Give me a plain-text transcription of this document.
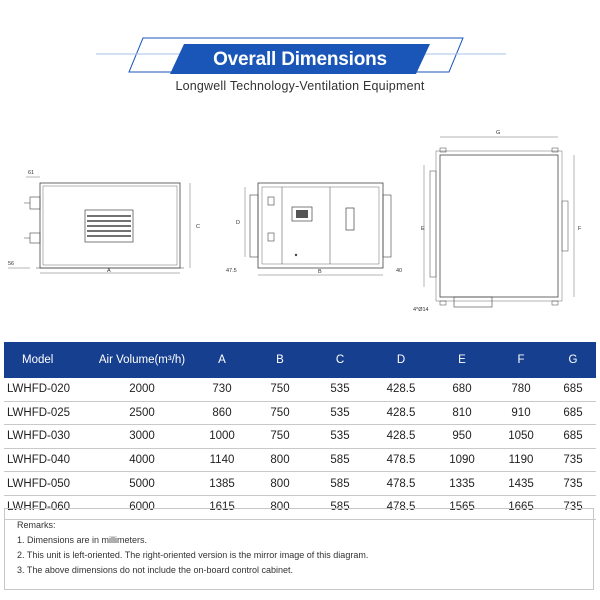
Overall Dimensions
Longwell Technology-Ventilation Equipment
61
C
56
A
D
47.5	B	40
G
E	F
4*Ø14
Model	Air Volume(m³/h)	A	B	C	D	E	F	G
LWHFD-020	2000	730	750	535	428.5	680	780	685
LWHFD-025	2500	860	750	535	428.5	810	910	685
LWHFD-030	3000	1000	750	535	428.5	950	1050	685
LWHFD-040	4000	1140	800	585	478.5	1090	1190	735
LWHFD-050	5000	1385	800	585	478.5	1335	1435	735
LWHFD-060	6000	1615	800	585	478.5	1565	1665	735
Remarks:
1. Dimensions are in millimeters.
2. This unit is left-oriented. The right-oriented version is the mirror image of this diagram.
3. The above dimensions do not include the on-board control cabinet.
